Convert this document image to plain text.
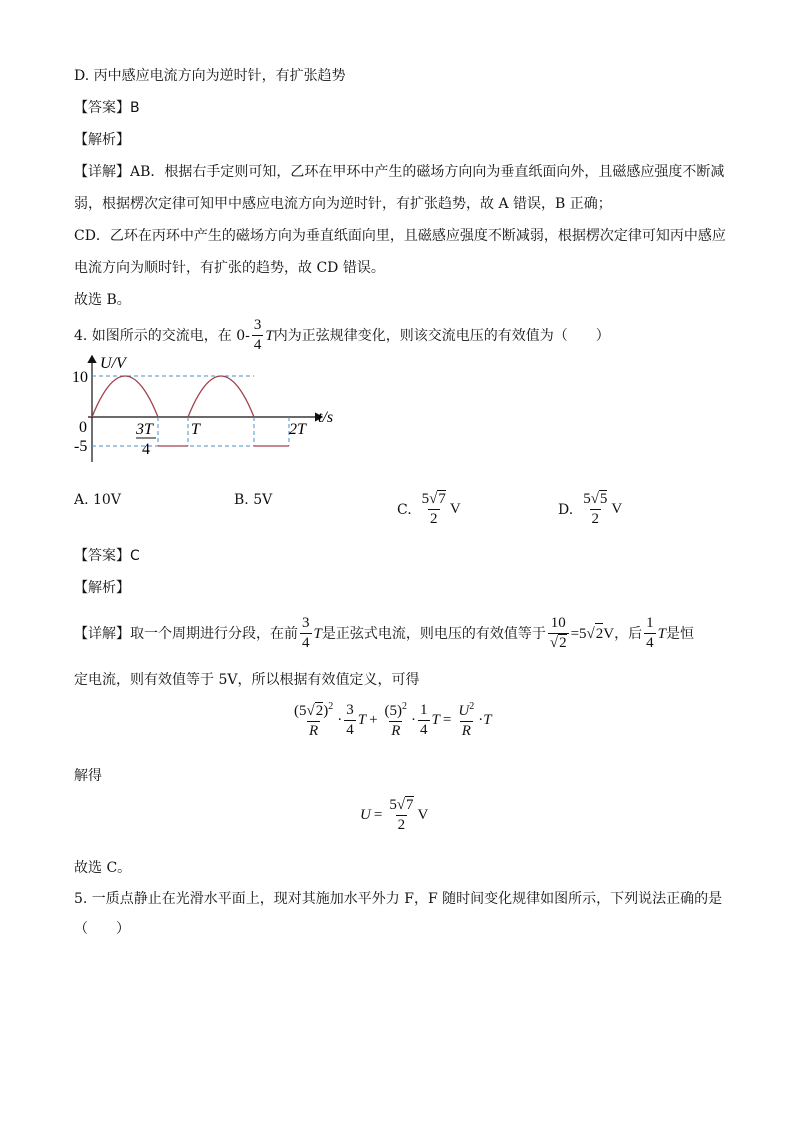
D. 丙中感应电流方向为逆时针，有扩张趋势
【答案】B
【解析】
【详解】AB．根据右手定则可知，乙环在甲环中产生的磁场方向向为垂直纸面向外，且磁感应强度不断减
弱，根据楞次定律可知甲中感应电流方向为逆时针，有扩张趋势，故 A 错误，B 正确；
CD．乙环在丙环中产生的磁场方向为垂直纸面向里，且磁感应强度不断减弱，根据楞次定律可知丙中感应
电流方向为顺时针，有扩张的趋势，故 CD 错误。
故选 B。
4. 如图所示的交流电，在 $0- \frac{3}{4}$ T 内为正弦规律变化，则该交流电压的有效值为（　　）
U/V
t/s
10
0
-5
3T
4
T	2T
A. 10V	B. 5V
C. $\frac{5√7}{2}$ V	D. $\frac{5√5}{2}$ V
【答案】C
【解析】
【详解】取一个周期进行分段，在前 $\frac{3}{4}$ T 是正弦式电流，则电压的有效值等于 $\frac{10}{√2} =5$ √ 2 V ，后 $\frac{1}{4}$ T 是恒
定电流，则有效值等于 5V，所以根据有效值定义，可得
$\frac{(5√2)^2}{R} \cdot \frac{3}{4}$ $T + \frac{(5)^2}{R} \cdot \frac{1}{4}$ $T = \frac{U^2}{R} \cdot T$
解得
$U = \frac{5√7}{2}$ V
故选 C。
5. 一质点静止在光滑水平面上，现对其施加水平外力 F，F 随时间变化规律如图所示，下列说法正确的是
（　　）
